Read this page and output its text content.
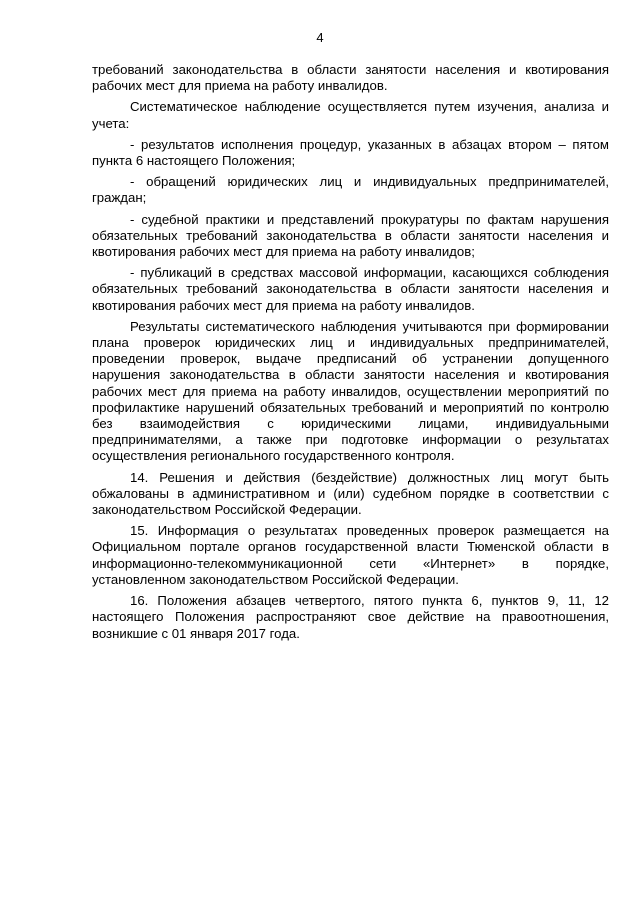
4

требований законодательства в области занятости населения и квотирования рабочих мест для приема на работу инвалидов.

Систематическое наблюдение осуществляется путем изучения, анализа и учета:

- результатов исполнения процедур, указанных в абзацах втором – пятом пункта 6 настоящего Положения;

- обращений юридических лиц и индивидуальных предпринимателей, граждан;

- судебной практики и представлений прокуратуры по фактам нарушения обязательных требований законодательства в области занятости населения и квотирования рабочих мест для приема на работу инвалидов;

- публикаций в средствах массовой информации, касающихся соблюдения обязательных требований законодательства в области занятости населения и квотирования рабочих мест для приема на работу инвалидов.

Результаты систематического наблюдения учитываются при формировании плана проверок юридических лиц и индивидуальных предпринимателей, проведении проверок, выдаче предписаний об устранении допущенного нарушения законодательства в области занятости населения и квотирования рабочих мест для приема на работу инвалидов, осуществлении мероприятий по профилактике нарушений обязательных требований и мероприятий по контролю без взаимодействия с юридическими лицами, индивидуальными предпринимателями, а также при подготовке информации о результатах осуществления регионального государственного контроля.

14. Решения и действия (бездействие) должностных лиц могут быть обжалованы в административном и (или) судебном порядке в соответствии с законодательством Российской Федерации.

15. Информация о результатах проведенных проверок размещается на Официальном портале органов государственной власти Тюменской области в информационно-телекоммуникационной сети «Интернет» в порядке, установленном законодательством Российской Федерации.

16. Положения абзацев четвертого, пятого пункта 6, пунктов 9, 11, 12 настоящего Положения распространяют свое действие на правоотношения, возникшие с 01 января 2017 года.
